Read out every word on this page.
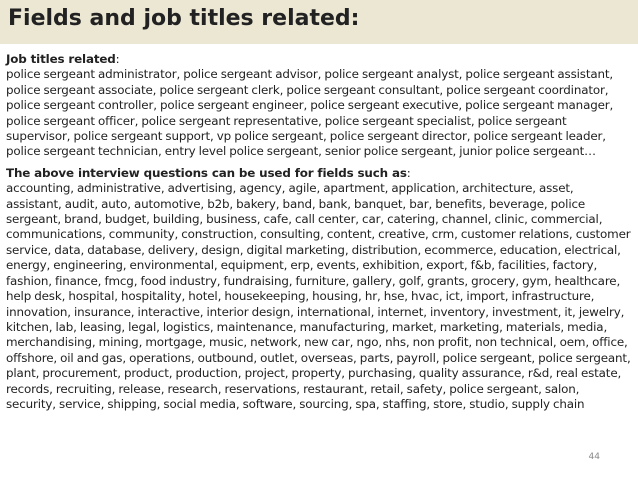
Fields and job titles related:
Job titles related:
police sergeant administrator, police sergeant advisor, police sergeant analyst, police sergeant assistant, police sergeant associate, police sergeant clerk, police sergeant consultant, police sergeant coordinator, police sergeant controller, police sergeant engineer, police sergeant executive, police sergeant manager, police sergeant officer, police sergeant representative, police sergeant specialist, police sergeant supervisor, police sergeant support, vp police sergeant, police sergeant director, police sergeant leader, police sergeant technician, entry level police sergeant, senior police sergeant, junior police sergeant…
The above interview questions can be used for fields such as:
accounting, administrative, advertising, agency, agile, apartment, application, architecture, asset, assistant, audit, auto, automotive, b2b, bakery, band, bank, banquet, bar, benefits, beverage, police sergeant, brand, budget, building, business, cafe, call center, car, catering, channel, clinic, commercial, communications, community, construction, consulting, content, creative, crm, customer relations, customer service, data, database, delivery, design, digital marketing, distribution, ecommerce, education, electrical, energy, engineering, environmental, equipment, erp, events, exhibition, export, f&b, facilities, factory, fashion, finance, fmcg, food industry, fundraising, furniture, gallery, golf, grants, grocery, gym, healthcare, help desk, hospital, hospitality, hotel, housekeeping, housing, hr, hse, hvac, ict, import, infrastructure, innovation, insurance, interactive, interior design, international, internet, inventory, investment, it, jewelry, kitchen, lab, leasing, legal, logistics, maintenance, manufacturing, market, marketing, materials, media, merchandising, mining, mortgage, music, network, new car, ngo, nhs, non profit, non technical, oem, office, offshore, oil and gas, operations, outbound, outlet, overseas, parts, payroll, police sergeant, police sergeant, plant, procurement, product, production, project, property, purchasing, quality assurance, r&d, real estate, records, recruiting, release, research, reservations, restaurant, retail, safety, police sergeant, salon, security, service, shipping, social media, software, sourcing, spa, staffing, store, studio, supply chain
44
